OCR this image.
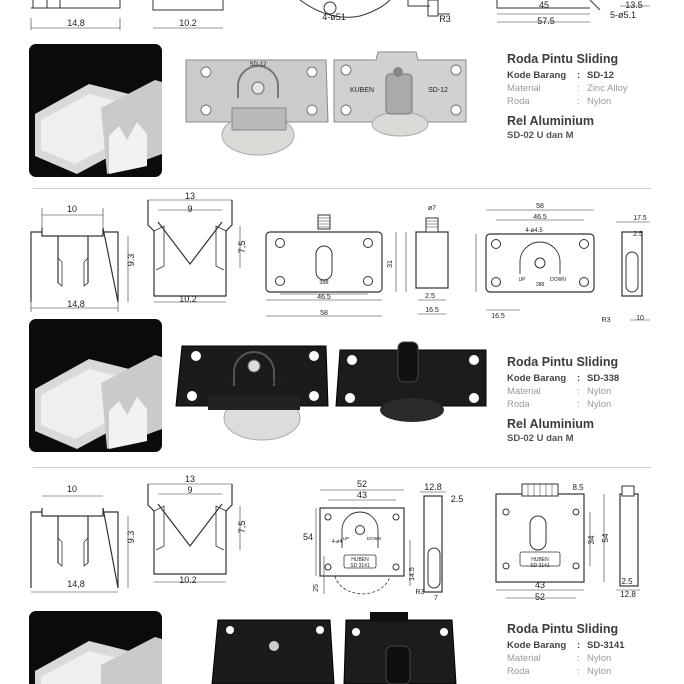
14,8	10.2
4-ø51	R3
45
57.5
13.5
5-ø5.1
10
9.3
14,8
13
9
7,5
10.2	46.5
58
31
388
ø7
2.5
16.5
58
46.5
4-ø4.5
UP	DOWN
388
16.5
17.5
2.5
R3	10
10
9.3
14,8
13
9
7,5
10.2
52
43
54
25
14.5
4-ø4
UP	DOWN
HUBEN
SD 3141
12.8
2.5
R3
7
8.5
34 54
43
52
HUBEN
SD 3141
2.5
12.8
SD-12
KUBEN	SD-12
UP	DOWN
Roda Pintu Sliding
Kode Barang	: SD-12
Material	: Zinc Alloy
Roda	: Nylon
Rel Aluminium
SD-02 U dan M
Roda Pintu Sliding
Kode Barang	: SD-338
Material	: Nylon
Roda	: Nylon
Rel Aluminium
SD-02 U dan M
Roda Pintu Sliding
Kode Barang	: SD-3141
Material	: Nylon
Roda	: Nylon
